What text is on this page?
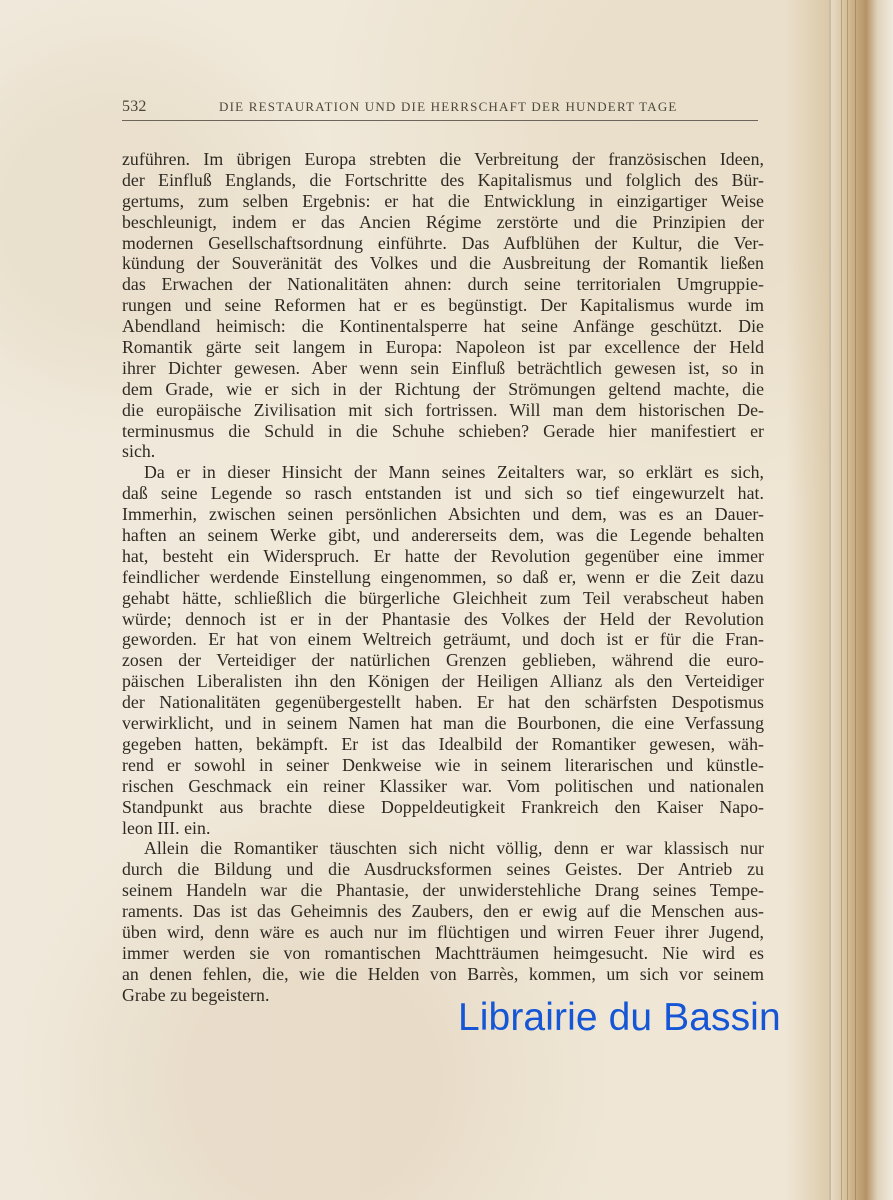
532	DIE RESTAURATION UND DIE HERRSCHAFT DER HUNDERT TAGE
zuführen. Im übrigen Europa strebten die Verbreitung der französischen Ideen,
der Einfluß Englands, die Fortschritte des Kapitalismus und folglich des Bür-
gertums, zum selben Ergebnis: er hat die Entwicklung in einzigartiger Weise
beschleunigt, indem er das Ancien Régime zerstörte und die Prinzipien der
modernen Gesellschaftsordnung einführte. Das Aufblühen der Kultur, die Ver-
kündung der Souveränität des Volkes und die Ausbreitung der Romantik ließen
das Erwachen der Nationalitäten ahnen: durch seine territorialen Umgruppie-
rungen und seine Reformen hat er es begünstigt. Der Kapitalismus wurde im
Abendland heimisch: die Kontinentalsperre hat seine Anfänge geschützt. Die
Romantik gärte seit langem in Europa: Napoleon ist par excellence der Held
ihrer Dichter gewesen. Aber wenn sein Einfluß beträchtlich gewesen ist, so in
dem Grade, wie er sich in der Richtung der Strömungen geltend machte, die
die europäische Zivilisation mit sich fortrissen. Will man dem historischen De-
terminusmus die Schuld in die Schuhe schieben? Gerade hier manifestiert er
sich.
Da er in dieser Hinsicht der Mann seines Zeitalters war, so erklärt es sich,
daß seine Legende so rasch entstanden ist und sich so tief eingewurzelt hat.
Immerhin, zwischen seinen persönlichen Absichten und dem, was es an Dauer-
haften an seinem Werke gibt, und andererseits dem, was die Legende behalten
hat, besteht ein Widerspruch. Er hatte der Revolution gegenüber eine immer
feindlicher werdende Einstellung eingenommen, so daß er, wenn er die Zeit dazu
gehabt hätte, schließlich die bürgerliche Gleichheit zum Teil verabscheut haben
würde; dennoch ist er in der Phantasie des Volkes der Held der Revolution
geworden. Er hat von einem Weltreich geträumt, und doch ist er für die Fran-
zosen der Verteidiger der natürlichen Grenzen geblieben, während die euro-
päischen Liberalisten ihn den Königen der Heiligen Allianz als den Verteidiger
der Nationalitäten gegenübergestellt haben. Er hat den schärfsten Despotismus
verwirklicht, und in seinem Namen hat man die Bourbonen, die eine Verfassung
gegeben hatten, bekämpft. Er ist das Idealbild der Romantiker gewesen, wäh-
rend er sowohl in seiner Denkweise wie in seinem literarischen und künstle-
rischen Geschmack ein reiner Klassiker war. Vom politischen und nationalen
Standpunkt aus brachte diese Doppeldeutigkeit Frankreich den Kaiser Napo-
leon III. ein.
Allein die Romantiker täuschten sich nicht völlig, denn er war klassisch nur
durch die Bildung und die Ausdrucksformen seines Geistes. Der Antrieb zu
seinem Handeln war die Phantasie, der unwiderstehliche Drang seines Tempe-
raments. Das ist das Geheimnis des Zaubers, den er ewig auf die Menschen aus-
üben wird, denn wäre es auch nur im flüchtigen und wirren Feuer ihrer Jugend,
immer werden sie von romantischen Machtträumen heimgesucht. Nie wird es
an denen fehlen, die, wie die Helden von Barrès, kommen, um sich vor seinem
Grabe zu begeistern.
Librairie du Bassin
